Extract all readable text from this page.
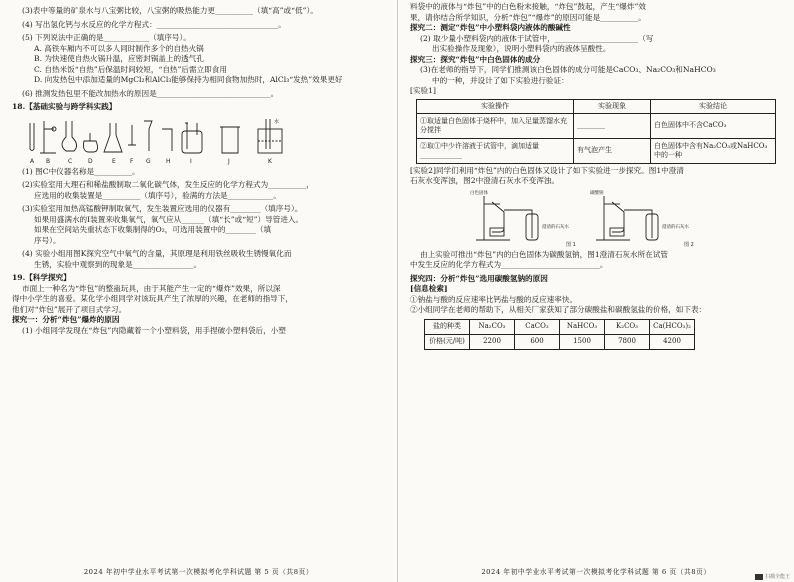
(3)表中等量的矿泉水与八宝粥比较，八宝粥的吸热能力更__________（填“高”或“低”）。

(4) 写出氢化钙与水反应的化学方程式：________________________________。

(5) 下列说法中正确的是____________（填序号）。

A. 高铁车厢内不可以多人同时制作多个的自热火锅

B. 为快速使自热火锅升温，应密封锅盖上的透气孔

C. 自热米饭“自热”后保温时间较短，“自热”后需立即食用

D. 向发热包中添加适量的MgCl₂和AlCl₃能够保持为相同食物加热时，AlCl₃“发热”效果更好

(6) 推测发热包里不能改加热水的原因是______________________________。

18.【基础实验与跨学科实践】

水
A B	C	D	E F G	H	I	J	K

(1) 图C中仪器名称是__________。

(2)实验室用大理石和稀盐酸制取二氧化碳气体，发生反应的化学方程式为__________，

应选用的收集装置是__________（填序号），验满的方法是____________。

(3)实验室用加热高锰酸钾制取氧气，发生装置应选用的仪器有________（填序号）。

如果用盛满水的I装置来收集氧气，氧气应从______（填“长”或“短”）导管进入。

如果在空间站失重状态下收集制得的O₂，可选用装置中的________（填

序号）。

(4) 实验小组用图K探究空气中氧气的含量，其原理是利用铁丝吸收生锈慢氧化而

生锈，实验中观察到的现象是________________。

19.【科学探究】

市面上一种名为“炸包”的整蛊玩具，由于其能产生一定的“爆炸”效果，所以深

得中小学生的喜爱。某化学小组同学对该玩具产生了浓厚的兴趣，在老师的指导下，

他们对“炸包”展开了项目式学习。

探究一：分析“炸包”爆炸的原因

(1) 小组同学发现在“炸包”内隐藏着一个小塑料袋，用手捏破小塑料袋后，小塑

2024 年初中学业水平考试第一次模拟考化学科试题 第 5 页（共8页）

料袋中的液体与“炸包”中的白色粉末接触，“炸包”鼓起，产生“爆炸”效

果，请你结合所学知识，分析“炸包”“爆炸”的原因可能是__________。

探究二：测定“炸包”中小塑料袋内液体的酸碱性

(2) 取少量小塑料袋内的液体于试管中，______________________（写

出实验操作及现象），说明小塑料袋内的液体呈酸性。

探究三：探究“炸包”中白色固体的成分

(3)在老师的指导下，同学们推测该白色固体的成分可能是CaCO₃、Na₂CO₃和NaHCO₃

中的一种，并设计了如下实验进行验证：

[实验1]

实验操作	实验现象	实验结论
①取适量白色固体于烧杯中，加入足量蒸馏水充分搅拌	________	白色固体中不含CaCO₃
②取①中少许溶液于试管中，滴加适量____________	有气泡产生	白色固体中含有Na₂CO₃或NaHCO₃中的一种

[实验2]同学们利用“炸包”内的白色固体又设计了如下实验进一步探究。图1中澄清

石灰水变浑浊，图2中澄清石灰水不变浑浊。

白色固体	碳酸钠
澄清的石灰水	澄清的石灰水
图 1	图 2

由上实验可推出“炸包”内的白色固体为碳酸氢钠，图1澄清石灰水所在试管

中发生反应的化学方程式为__________________________。

探究四：分析“炸包”选用碳酸氢钠的原因

[信息检索]

①钠盐与酸的反应速率比钙盐与酸的反应速率快。

②小组同学在老师的帮助下，从相关厂家获知了部分碳酸盐和碳酸氢盐的价格，如下表：

盐的种类	Na₂CO₃	CaCO₃	NaHCO₃	K₂CO₃	Ca(HCO₃)₂
价格(元/吨)	2200	600	1500	7800	4200
2024 年初中学业水平考试第一次模拟考化学科试题 第 6 页（共8页）
扫描全能王
